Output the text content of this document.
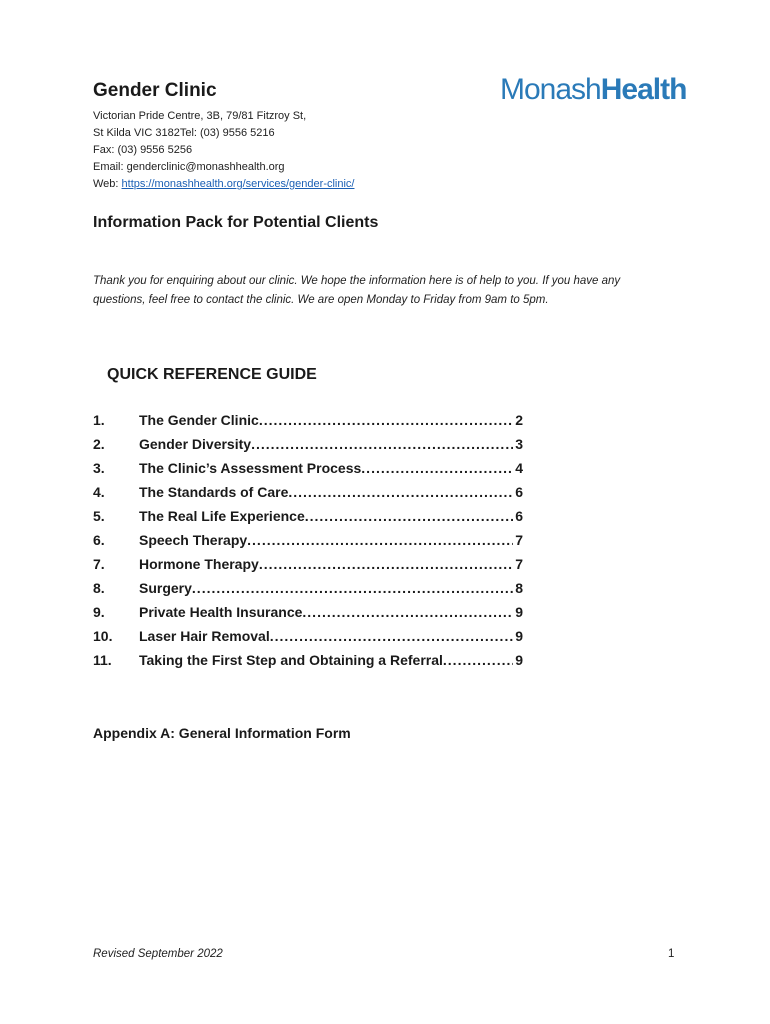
Gender Clinic	MonashHealth
Victorian Pride Centre, 3B, 79/81 Fitzroy St,
St Kilda VIC 3182Tel: (03) 9556 5216
Fax: (03) 9556 5256
Email: genderclinic@monashhealth.org
Web: https://monashhealth.org/services/gender-clinic/
Information Pack for Potential Clients
Thank you for enquiring about our clinic. We hope the information here is of help to you. If you have any questions, feel free to contact the clinic. We are open Monday to Friday from 9am to 5pm.
QUICK REFERENCE GUIDE
1.	The Gender Clinic .....	2
2.	Gender Diversity .....	3
3.	The Clinic’s Assessment Process .....	4
4.	The Standards of Care .....	6
5.	The Real Life Experience .....	6
6.	Speech Therapy .....	7
7.	Hormone Therapy .....	7
8.	Surgery .....	8
9.	Private Health Insurance .....	9
10.	Laser Hair Removal .....	9
11.	Taking the First Step and Obtaining a Referral .....	9
Appendix A: General Information Form
Revised September 2022	1
